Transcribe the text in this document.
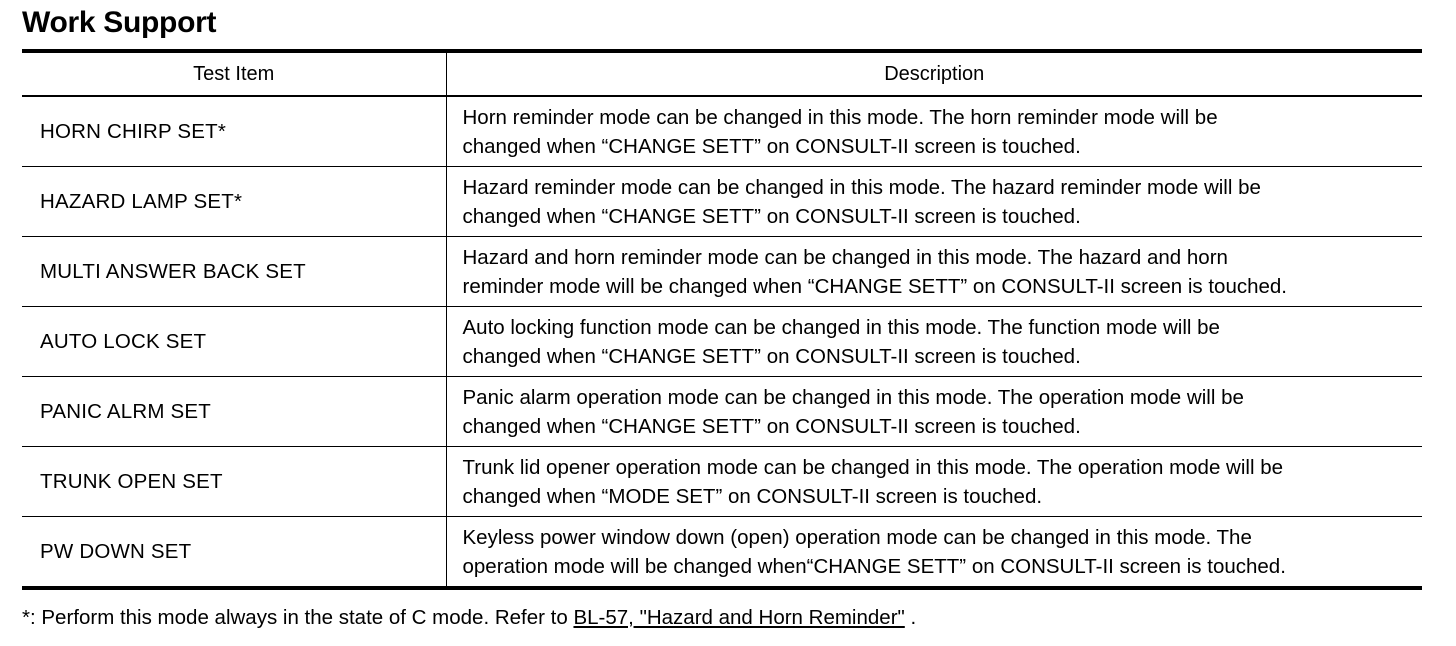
Work Support
Test Item	Description
HORN CHIRP SET*	Horn reminder mode can be changed in this mode. The horn reminder mode will be
changed when “CHANGE SETT” on CONSULT-II screen is touched.
HAZARD LAMP SET*	Hazard reminder mode can be changed in this mode. The hazard reminder mode will be
changed when “CHANGE SETT” on CONSULT-II screen is touched.
MULTI ANSWER BACK SET	Hazard and horn reminder mode can be changed in this mode. The hazard and horn
reminder mode will be changed when “CHANGE SETT” on CONSULT-II screen is touched.
AUTO LOCK SET	Auto locking function mode can be changed in this mode. The function mode will be
changed when “CHANGE SETT” on CONSULT-II screen is touched.
PANIC ALRM SET	Panic alarm operation mode can be changed in this mode. The operation mode will be
changed when “CHANGE SETT” on CONSULT-II screen is touched.
TRUNK OPEN SET	Trunk lid opener operation mode can be changed in this mode. The operation mode will be
changed when “MODE SET” on CONSULT-II screen is touched.
PW DOWN SET	Keyless power window down (open) operation mode can be changed in this mode. The
operation mode will be changed when“CHANGE SETT” on CONSULT-II screen is touched.
*: Perform this mode always in the state of C mode. Refer to BL-57, "Hazard and Horn Reminder" .
